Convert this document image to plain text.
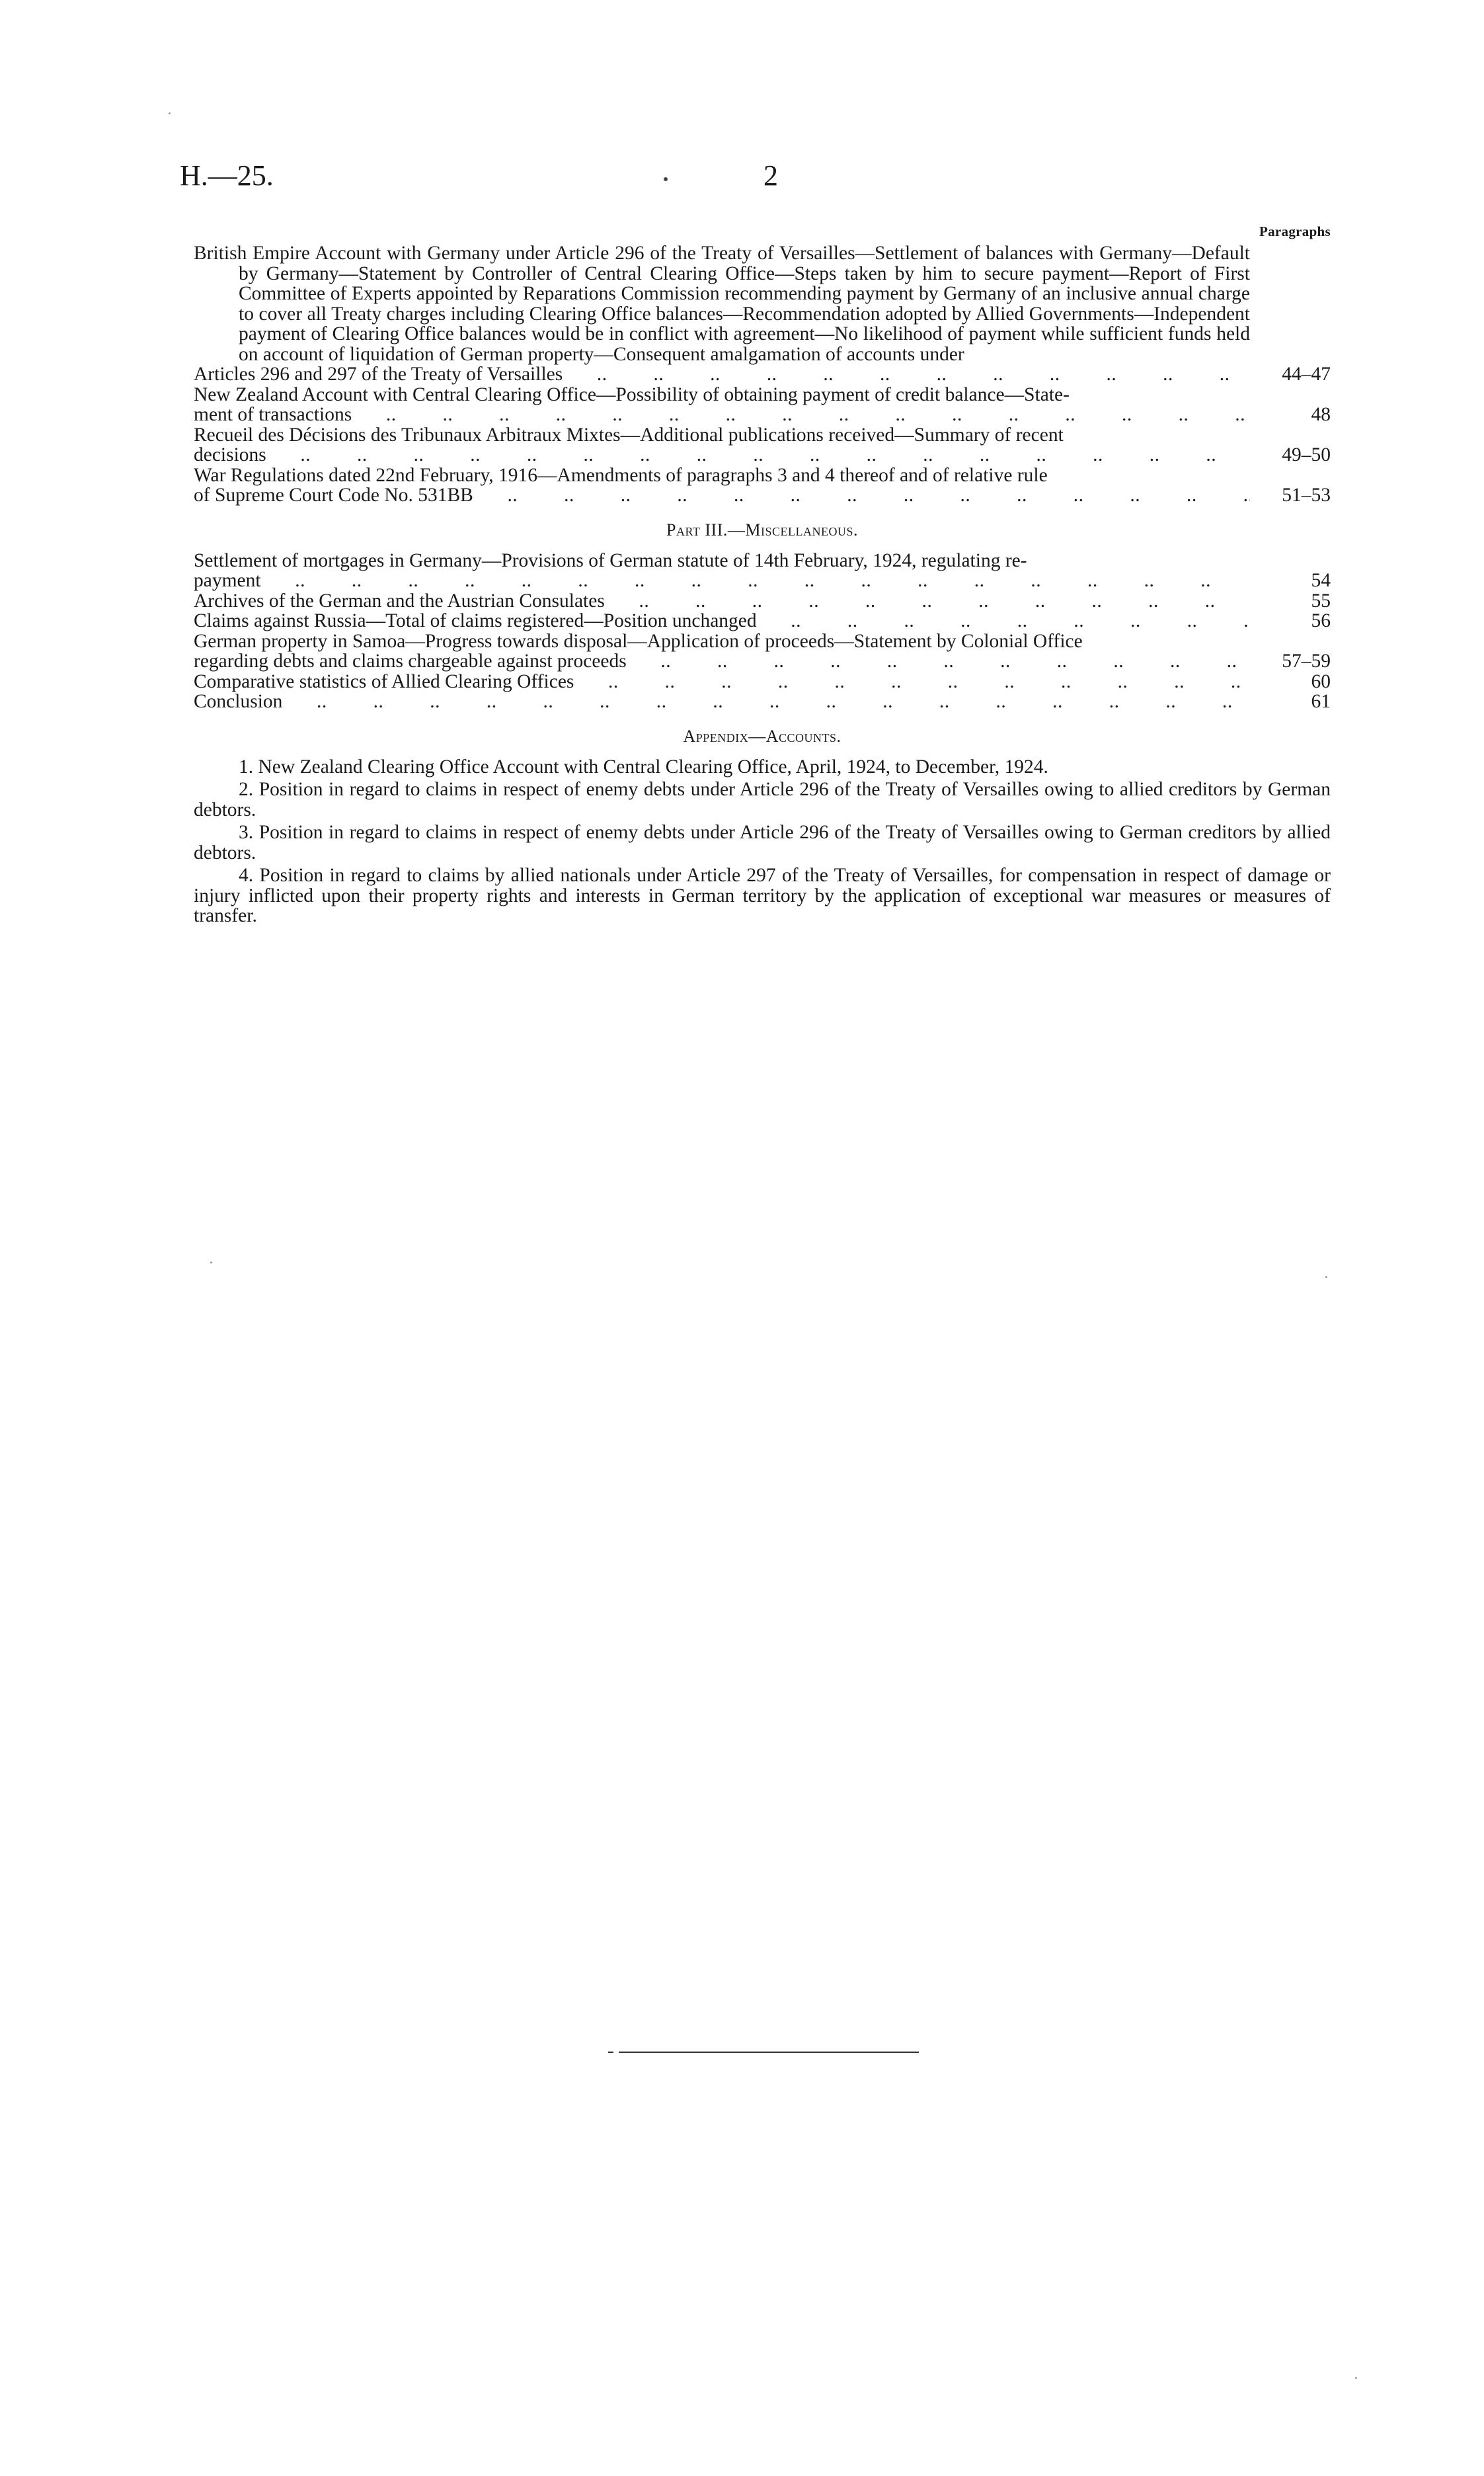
H.—25.	2
Paragraphs
British Empire Account with Germany under Article 296 of the Treaty of Versailles—Settlement of balances with Germany—Default by Germany—Statement by Controller of Central Clearing Office—Steps taken by him to secure payment—Report of First Committee of Experts appointed by Reparations Commission recommending payment by Germany of an inclusive annual charge to cover all Treaty charges including Clearing Office balances—Recommendation adopted by Allied Governments—Independent payment of Clearing Office balances would be in conflict with agreement—No likelihood of payment while sufficient funds held on account of liquidation of German property—Consequent amalgamation of accounts under
Articles 296 and 297 of the Treaty of Versailles .. ..	44–47
New Zealand Account with Central Clearing Office—Possibility of obtaining payment of credit balance—State-
ment of transactions .. ..	48
Recueil des Décisions des Tribunaux Arbitraux Mixtes—Additional publications received—Summary of recent
decisions .. ..	49–50
War Regulations dated 22nd February, 1916—Amendments of paragraphs 3 and 4 thereof and of relative rule
of Supreme Court Code No. 531BB .. ..	51–53
Part III.—Miscellaneous.
Settlement of mortgages in Germany—Provisions of German statute of 14th February, 1924, regulating re-
payment .. ..	54
Archives of the German and the Austrian Consulates .. ..	55
Claims against Russia—Total of claims registered—Position unchanged .. ..	56
German property in Samoa—Progress towards disposal—Application of proceeds—Statement by Colonial Office
regarding debts and claims chargeable against proceeds .. ..	57–59
Comparative statistics of Allied Clearing Offices .. ..	60
Conclusion .. ..	61
Appendix—Accounts.
1. New Zealand Clearing Office Account with Central Clearing Office, April, 1924, to December, 1924.
2. Position in regard to claims in respect of enemy debts under Article 296 of the Treaty of Versailles owing to allied creditors by German debtors.
3. Position in regard to claims in respect of enemy debts under Article 296 of the Treaty of Versailles owing to German creditors by allied debtors.
4. Position in regard to claims by allied nationals under Article 297 of the Treaty of Versailles, for compensation in respect of damage or injury inflicted upon their property rights and interests in German territory by the application of exceptional war measures or measures of transfer.
